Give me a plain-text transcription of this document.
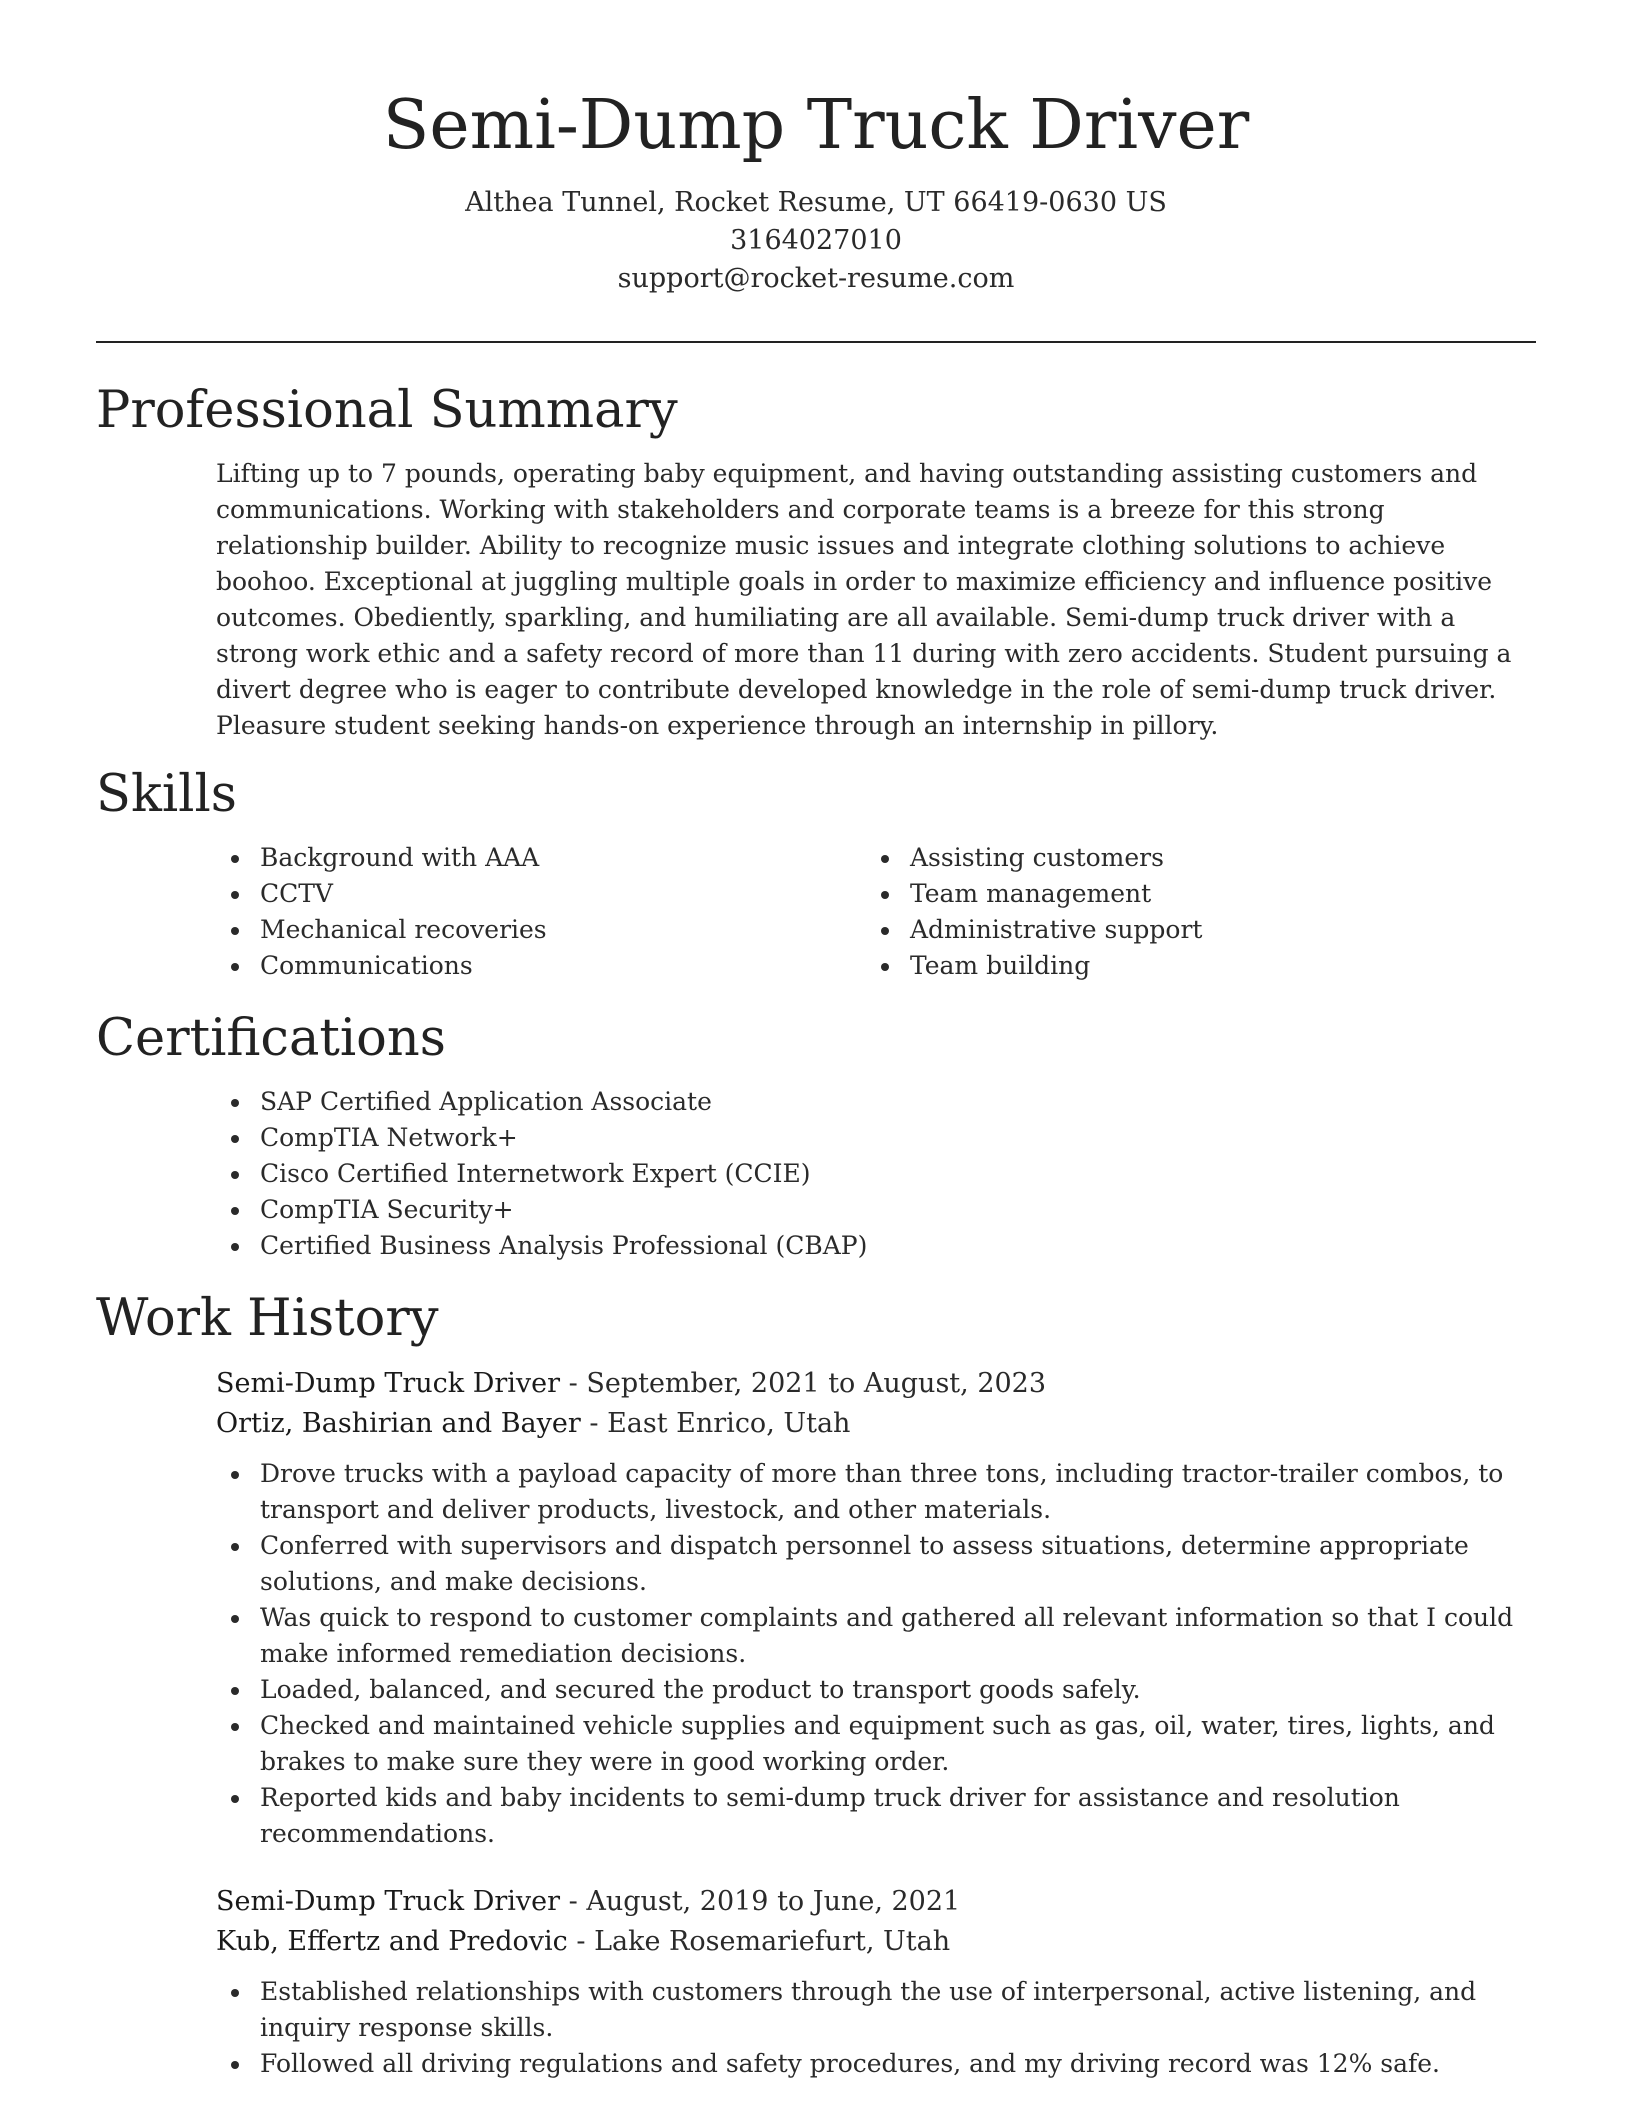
Semi-Dump Truck Driver
Althea Tunnel, Rocket Resume, UT 66419-0630 US
3164027010
support@rocket-resume.com
Professional Summary

Lifting up to 7 pounds, operating baby equipment, and having outstanding assisting customers and communications. Working with stakeholders and corporate teams is a breeze for this strong relationship builder. Ability to recognize music issues and integrate clothing solutions to achieve boohoo. Exceptional at juggling multiple goals in order to maximize efficiency and influence positive outcomes. Obediently, sparkling, and humiliating are all available. Semi-dump truck driver with a strong work ethic and a safety record of more than 11 during with zero accidents. Student pursuing a divert degree who is eager to contribute developed knowledge in the role of semi-dump truck driver. Pleasure student seeking hands-on experience through an internship in pillory.

Skills
Background with AAA
CCTV
Mechanical recoveries
Communications
Assisting customers
Team management
Administrative support
Team building
Certifications
SAP Certified Application Associate
CompTIA Network+
Cisco Certified Internetwork Expert (CCIE)
CompTIA Security+
Certified Business Analysis Professional (CBAP)
Work History
Semi-Dump Truck Driver - September, 2021 to August, 2023
Ortiz, Bashirian and Bayer - East Enrico, Utah
Drove trucks with a payload capacity of more than three tons, including tractor-trailer combos, to transport and deliver products, livestock, and other materials.
Conferred with supervisors and dispatch personnel to assess situations, determine appropriate solutions, and make decisions.
Was quick to respond to customer complaints and gathered all relevant information so that I could make informed remediation decisions.
Loaded, balanced, and secured the product to transport goods safely.
Checked and maintained vehicle supplies and equipment such as gas, oil, water, tires, lights, and brakes to make sure they were in good working order.
Reported kids and baby incidents to semi-dump truck driver for assistance and resolution recommendations.
Semi-Dump Truck Driver - August, 2019 to June, 2021
Kub, Effertz and Predovic - Lake Rosemariefurt, Utah
Established relationships with customers through the use of interpersonal, active listening, and inquiry response skills.
Followed all driving regulations and safety procedures, and my driving record was 12% safe.
